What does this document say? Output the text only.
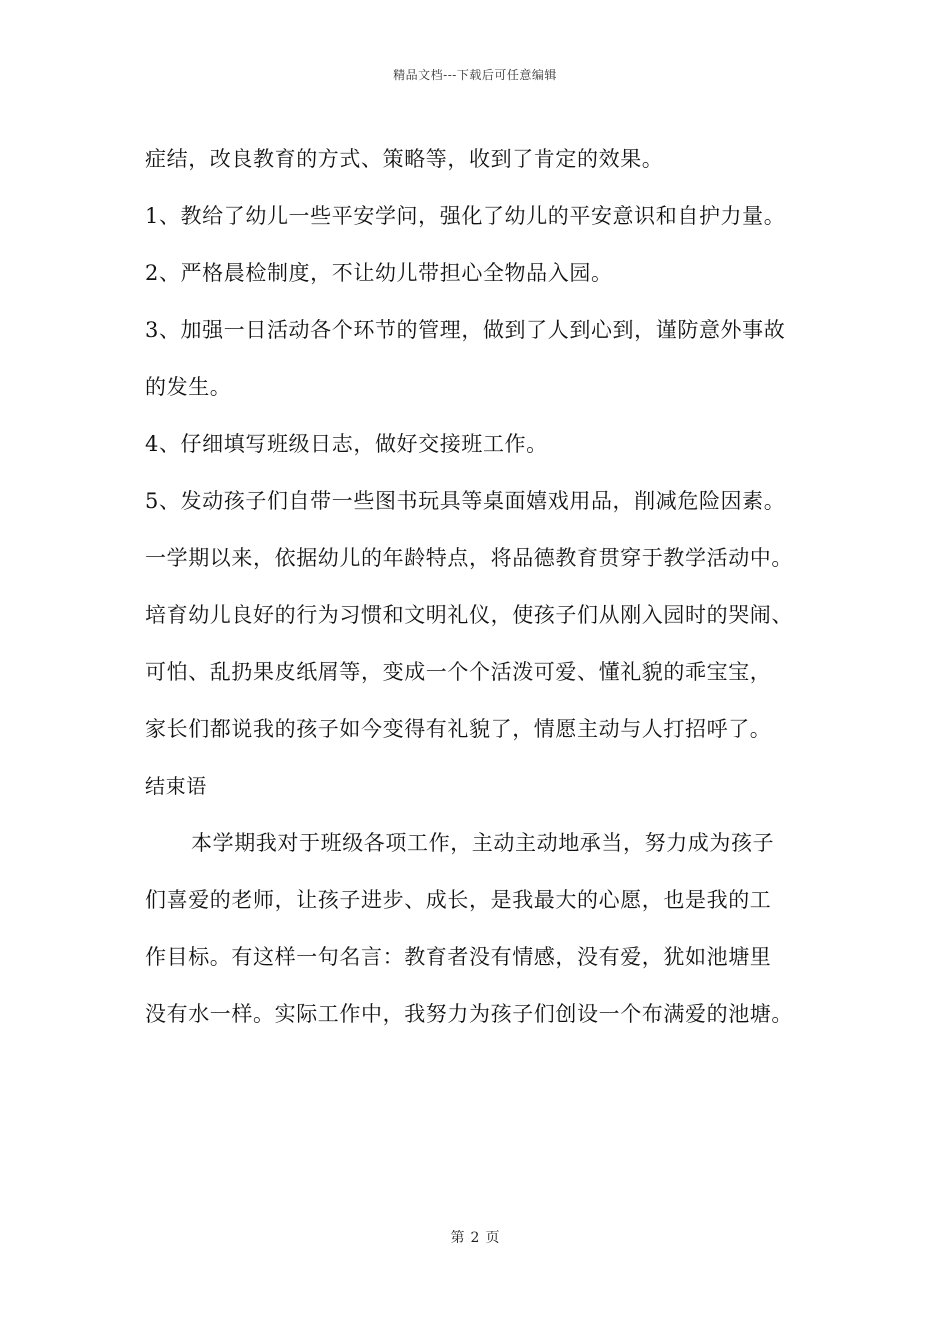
精品文档---下载后可任意编辑
症结，改良教育的方式、策略等，收到了肯定的效果。
1、教给了幼儿一些平安学问，强化了幼儿的平安意识和自护力量。
2、严格晨检制度，不让幼儿带担心全物品入园。
3、加强一日活动各个环节的管理，做到了人到心到，谨防意外事故
的发生。
4、仔细填写班级日志，做好交接班工作。
5、发动孩子们自带一些图书玩具等桌面嬉戏用品，削减危险因素。
一学期以来，依据幼儿的年龄特点，将品德教育贯穿于教学活动中。
培育幼儿良好的行为习惯和文明礼仪，使孩子们从刚入园时的哭闹、
可怕、乱扔果皮纸屑等，变成一个个活泼可爱、懂礼貌的乖宝宝，
家长们都说我的孩子如今变得有礼貌了，情愿主动与人打招呼了。
结束语
本学期我对于班级各项工作，主动主动地承当，努力成为孩子
们喜爱的老师，让孩子进步、成长，是我最大的心愿，也是我的工
作目标。有这样一句名言：教育者没有情感，没有爱，犹如池塘里
没有水一样。实际工作中，我努力为孩子们创设一个布满爱的池塘。
第 2 页
